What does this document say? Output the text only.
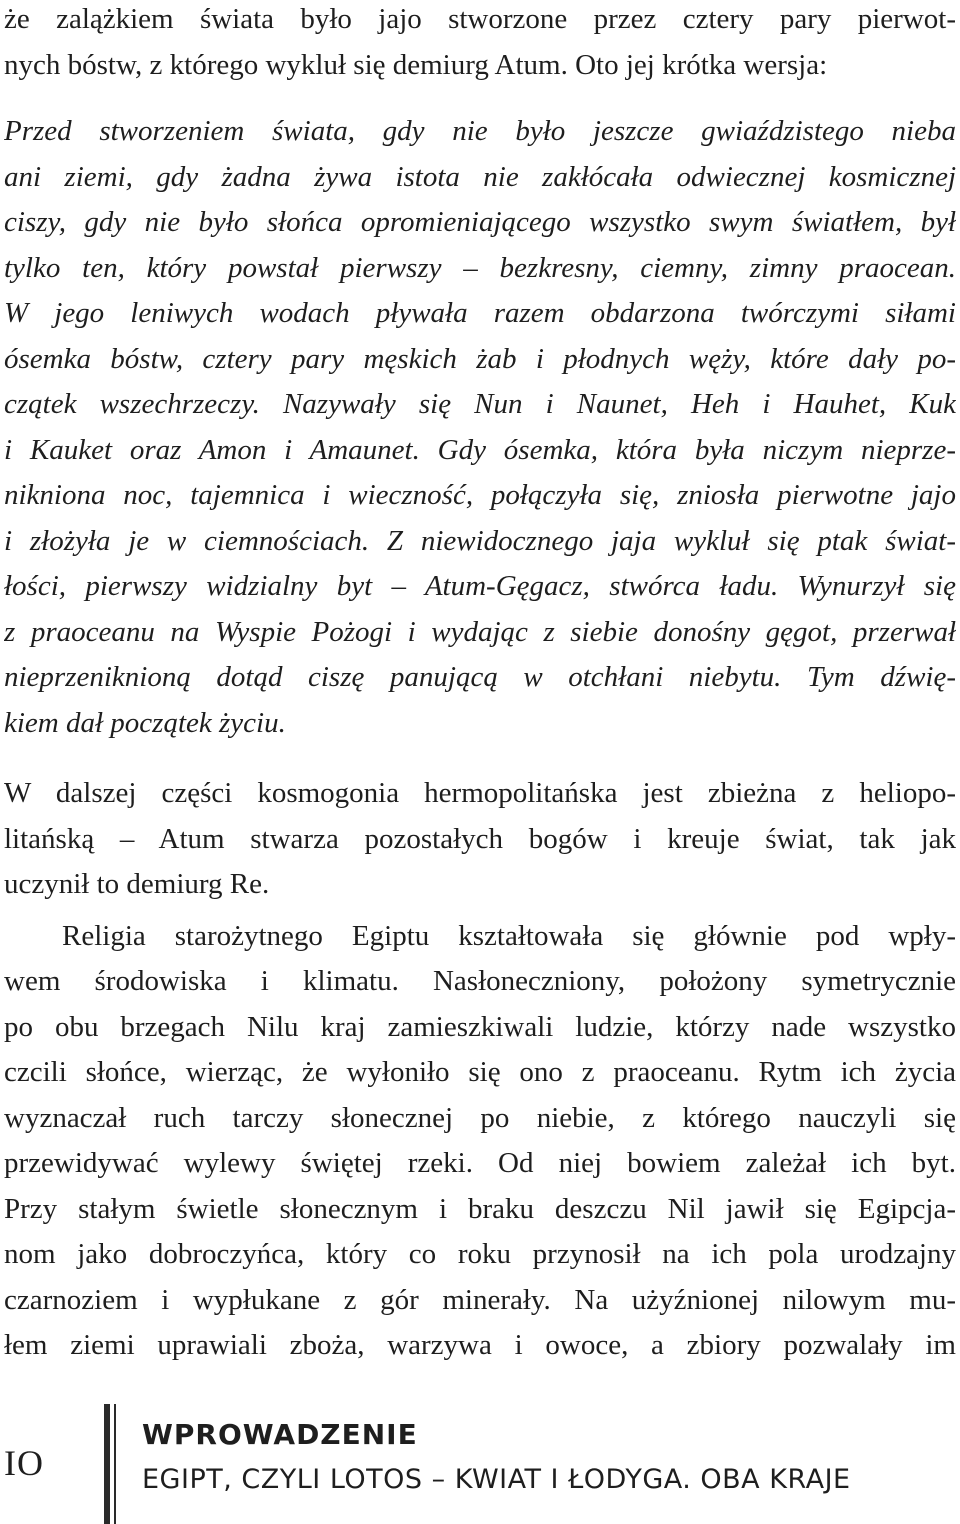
że zalążkiem świata było jajo stworzone przez cztery pary pierwot-
nych bóstw, z którego wykluł się demiurg Atum. Oto jej krótka wersja:
Przed stworzeniem świata, gdy nie było jeszcze gwiaździstego nieba
ani ziemi, gdy żadna żywa istota nie zakłócała odwiecznej kosmicznej
ciszy, gdy nie było słońca opromieniającego wszystko swym światłem, był
tylko ten, który powstał pierwszy – bezkresny, ciemny, zimny praocean.
W jego leniwych wodach pływała razem obdarzona twórczymi siłami
ósemka bóstw, cztery pary męskich żab i płodnych węży, które dały po-
czątek wszechrzeczy. Nazywały się Nun i Naunet, Heh i Hauhet, Kuk
i Kauket oraz Amon i Amaunet. Gdy ósemka, która była niczym nieprze-
nikniona noc, tajemnica i wieczność, połączyła się, zniosła pierwotne jajo
i złożyła je w ciemnościach. Z niewidocznego jaja wykluł się ptak świat-
łości, pierwszy widzialny byt – Atum-Gęgacz, stwórca ładu. Wynurzył się
z praoceanu na Wyspie Pożogi i wydając z siebie donośny gęgot, przerwał
nieprzeniknioną dotąd ciszę panującą w otchłani niebytu. Tym dźwię-
kiem dał początek życiu.
W dalszej części kosmogonia hermopolitańska jest zbieżna z heliopo-
litańską – Atum stwarza pozostałych bogów i kreuje świat, tak jak
uczynił to demiurg Re.
Religia starożytnego Egiptu kształtowała się głównie pod wpły-
wem środowiska i klimatu. Nasłoneczniony, położony symetrycznie
po obu brzegach Nilu kraj zamieszkiwali ludzie, którzy nade wszystko
czcili słońce, wierząc, że wyłoniło się ono z praoceanu. Rytm ich życia
wyznaczał ruch tarczy słonecznej po niebie, z którego nauczyli się
przewidywać wylewy świętej rzeki. Od niej bowiem zależał ich byt.
Przy stałym świetle słonecznym i braku deszczu Nil jawił się Egipcja-
nom jako dobroczyńca, który co roku przynosił na ich pola urodzajny
czarnoziem i wypłukane z gór minerały. Na użyźnionej nilowym mu-
łem ziemi uprawiali zboża, warzywa i owoce, a zbiory pozwalały im
IO
WPROWADZENIE
EGIPT, CZYLI LOTOS – KWIAT I ŁODYGA. OBA KRAJE
